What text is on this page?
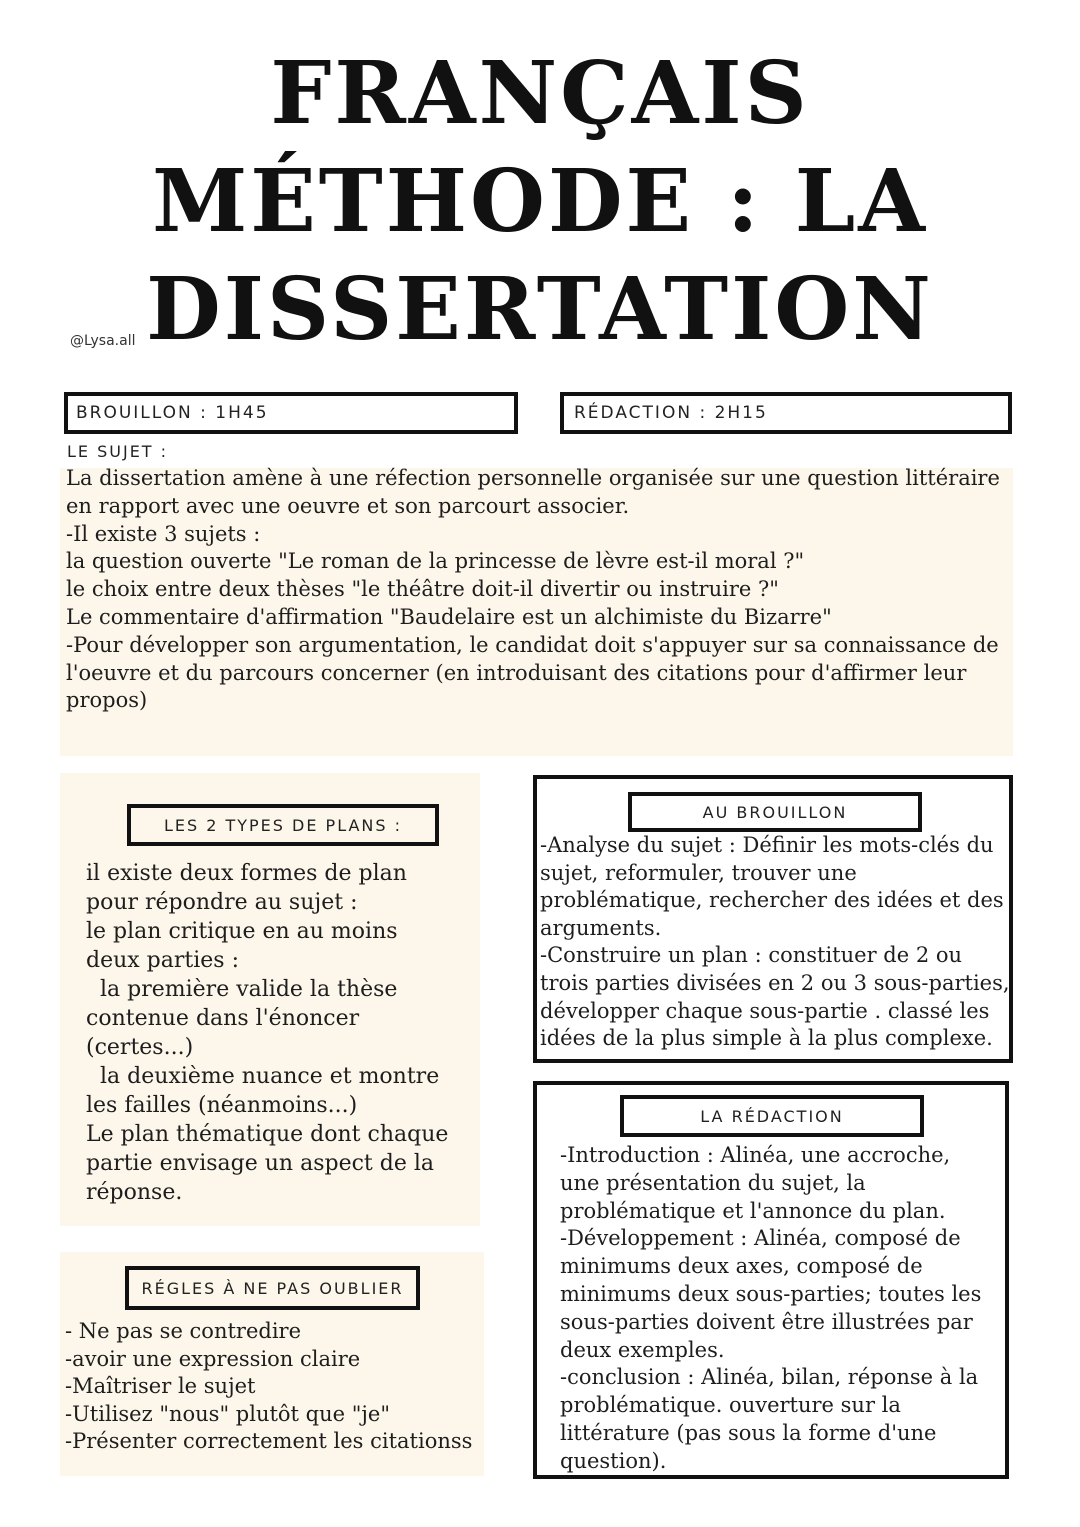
FRANÇAIS
MÉTHODE : LA
DISSERTATION
@Lysa.all
BROUILLON : 1H45	RÉDACTION : 2H15
LE SUJET :
La dissertation amène à une réfection personnelle organisée sur une question littéraire
en rapport avec une oeuvre et son parcourt associer.
-Il existe 3 sujets :
la question ouverte "Le roman de la princesse de lèvre est-il moral ?"
le choix entre deux thèses "le théâtre doit-il divertir ou instruire ?"
Le commentaire d'affirmation "Baudelaire est un alchimiste du Bizarre"
-Pour développer son argumentation, le candidat doit s'appuyer sur sa connaissance de
l'oeuvre et du parcours concerner (en introduisant des citations pour d'affirmer leur
propos)
LES 2 TYPES DE PLANS :
il existe deux formes de plan
pour répondre au sujet :
le plan critique en au moins
deux parties :
la première valide la thèse
contenue dans l'énoncer
(certes...)
la deuxième nuance et montre
les failles (néanmoins...)
Le plan thématique dont chaque
partie envisage un aspect de la
réponse.
RÉGLES À NE PAS OUBLIER
- Ne pas se contredire
-avoir une expression claire
-Maîtriser le sujet
-Utilisez "nous" plutôt que "je"
-Présenter correctement les citationss
AU BROUILLON
-Analyse du sujet : Définir les mots-clés du
sujet, reformuler, trouver une
problématique, rechercher des idées et des
arguments.
-Construire un plan : constituer de 2 ou
trois parties divisées en 2 ou 3 sous-parties,
développer chaque sous-partie . classé les
idées de la plus simple à la plus complexe.
LA RÉDACTION
-Introduction : Alinéa, une accroche,
une présentation du sujet, la
problématique et l'annonce du plan.
-Développement : Alinéa, composé de
minimums deux axes, composé de
minimums deux sous-parties; toutes les
sous-parties doivent être illustrées par
deux exemples.
-conclusion : Alinéa, bilan, réponse à la
problématique. ouverture sur la
littérature (pas sous la forme d'une
question).
